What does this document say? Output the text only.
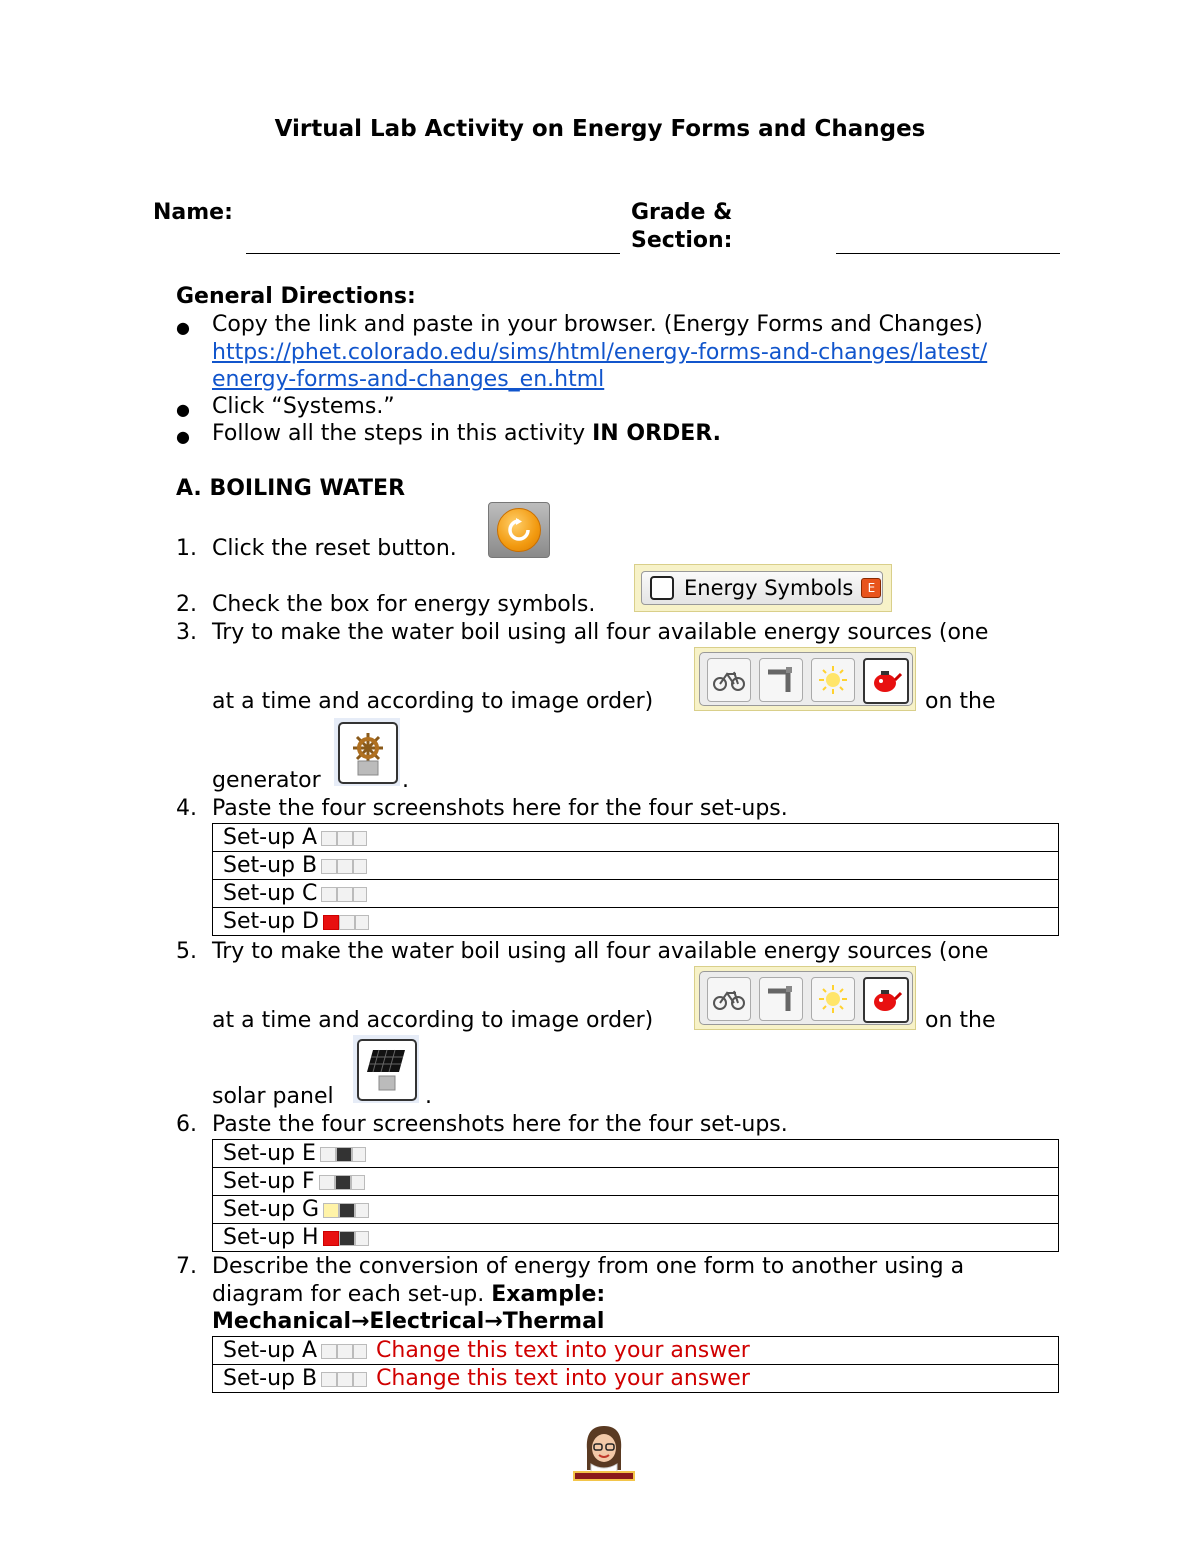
Virtual Lab Activity on Energy Forms and Changes
Name:	Grade &
Section:
General Directions:
● Copy the link and paste in your browser. (Energy Forms and Changes)
https://phet.colorado.edu/sims/html/energy-forms-and-changes/latest/
energy-forms-and-changes_en.html
● Click “Systems.”
● Follow all the steps in this activity IN ORDER.
A. BOILING WATER
1. Click the reset button.
2. Check the box for energy symbols.
Energy Symbols	E
3. Try to make the water boil using all four available energy sources (one
at a time and according to image order)	on the
generator	.
4. Paste the four screenshots here for the four set-ups.
Set-up A

Set-up B

Set-up C

Set-up D
5. Try to make the water boil using all four available energy sources (one
at a time and according to image order)	on the
solar panel	.
6. Paste the four screenshots here for the four set-ups.
Set-up E

Set-up F

Set-up G

Set-up H
7. Describe the conversion of energy from one form to another using a
diagram for each set-up. Example:
Mechanical→Electrical→Thermal
Set-up A	Change this text into your answer
Set-up B	Change this text into your answer
